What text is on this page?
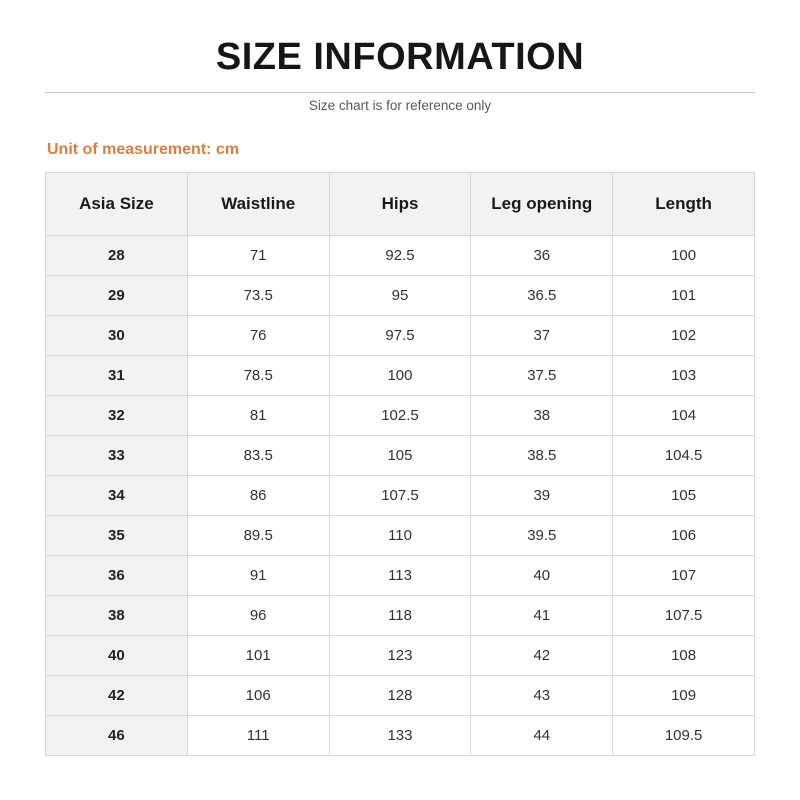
SIZE INFORMATION
Size chart is for reference only
Unit of measurement: cm
Asia Size	Waistline	Hips	Leg opening	Length
28	71	92.5	36	100
29	73.5	95	36.5	101
30	76	97.5	37	102
31	78.5	100	37.5	103
32	81	102.5	38	104
33	83.5	105	38.5	104.5
34	86	107.5	39	105
35	89.5	110	39.5	106
36	91	113	40	107
38	96	118	41	107.5
40	101	123	42	108
42	106	128	43	109
46	111	133	44	109.5
